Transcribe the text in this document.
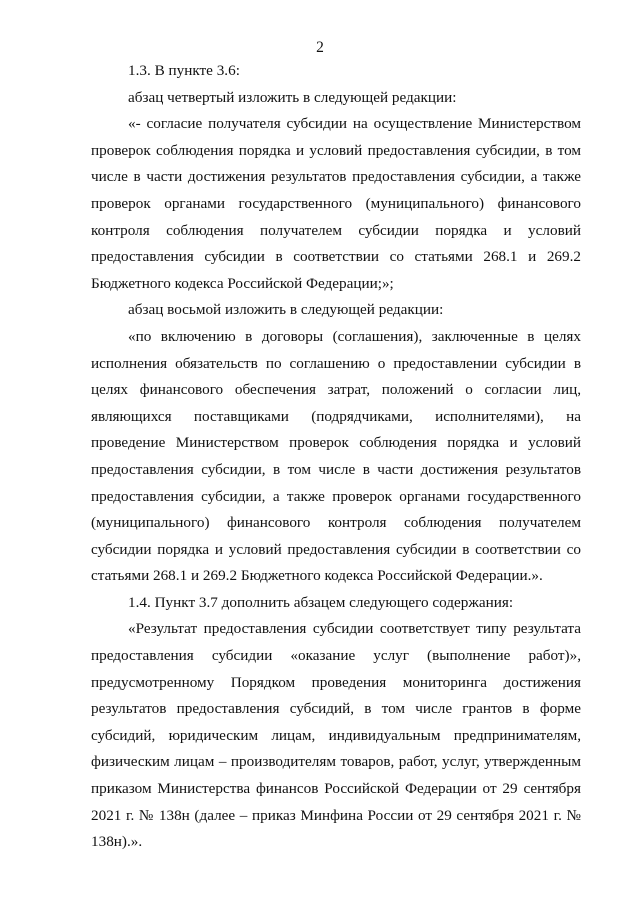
2

1.3. В пункте 3.6:

абзац четвертый изложить в следующей редакции:

«- согласие получателя субсидии на осуществление Министерством проверок соблюдения порядка и условий предоставления субсидии, в том числе в части достижения результатов предоставления субсидии, а также проверок органами государственного (муниципального) финансового контроля соблюдения получателем субсидии порядка и условий предоставления субсидии в соответствии со статьями 268.1 и 269.2 Бюджетного кодекса Российской Федерации;»;

абзац восьмой изложить в следующей редакции:

«по включению в договоры (соглашения), заключенные в целях исполнения обязательств по соглашению о предоставлении субсидии в целях финансового обеспечения затрат, положений о согласии лиц, являющихся поставщиками (подрядчиками, исполнителями), на проведение Министерством проверок соблюдения порядка и условий предоставления субсидии, в том числе в части достижения результатов предоставления субсидии, а также проверок органами государственного (муниципального) финансового контроля соблюдения получателем субсидии порядка и условий предоставления субсидии в соответствии со статьями 268.1 и 269.2 Бюджетного кодекса Российской Федерации.».

1.4. Пункт 3.7 дополнить абзацем следующего содержания:

«Результат предоставления субсидии соответствует типу результата предоставления субсидии «оказание услуг (выполнение работ)», предусмотренному Порядком проведения мониторинга достижения результатов предоставления субсидий, в том числе грантов в форме субсидий, юридическим лицам, индивидуальным предпринимателям, физическим лицам – производителям товаров, работ, услуг, утвержденным приказом Министерства финансов Российской Федерации от 29 сентября 2021 г. № 138н (далее – приказ Минфина России от 29 сентября 2021 г. № 138н).».
